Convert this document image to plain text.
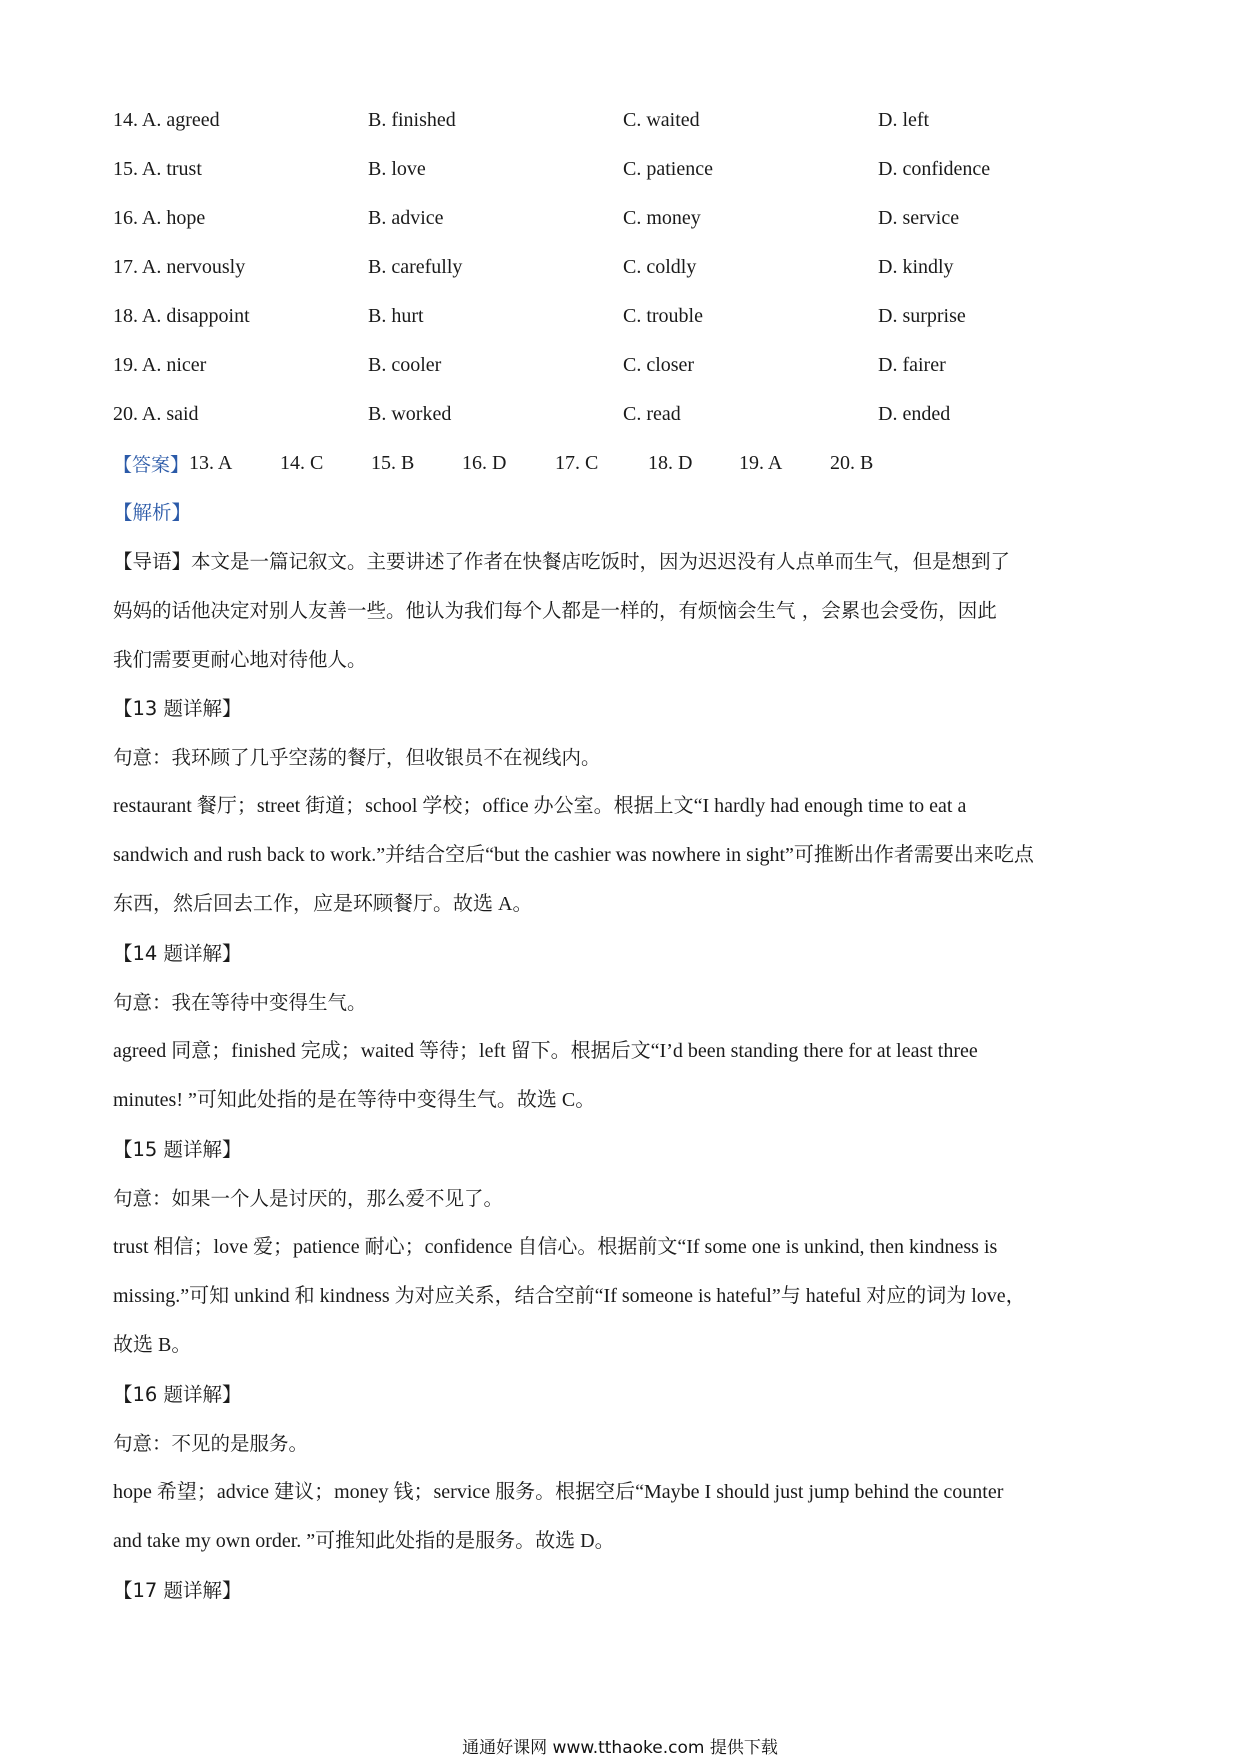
14. A. agreed	B. finished	C. waited	D. left
15. A. trust	B. love	C. patience	D. confidence
16. A. hope	B. advice	C. money	D. service
17. A. nervously	B. carefully	C. coldly	D. kindly
18. A. disappoint	B. hurt	C. trouble	D. surprise
19. A. nicer	B. cooler	C. closer	D. fairer
20. A. said	B. worked	C. read	D. ended
【答案】 13. A	14. C	15. B	16. D	17. C	18. D	19. A	20. B
【解析】
【导语】本文是一篇记叙文。主要讲述了作者在快餐店吃饭时，因为迟迟没有人点单而生气，但是想到了
妈妈的话他决定对别人友善一些。他认为我们每个人都是一样的，有烦恼会生气 ，会累也会受伤，因此
我们需要更耐心地对待他人。
【13 题详解】
句意：我环顾了几乎空荡的餐厅，但收银员不在视线内。
restaurant 餐厅；street 街道；school 学校；office 办公室。根据上文“I hardly had enough time to eat a
sandwich and rush back to work.”并结合空后“but the cashier was nowhere in sight”可推断出作者需要出来吃点
东西，然后回去工作，应是环顾餐厅。故选 A。
【14 题详解】
句意：我在等待中变得生气。
agreed 同意；finished 完成；waited 等待；left 留下。根据后文“I’d been standing there for at least three
minutes! ”可知此处指的是在等待中变得生气。故选 C。
【15 题详解】
句意：如果一个人是讨厌的，那么爱不见了。
trust 相信；love 爱；patience 耐心；confidence 自信心。根据前文“If some one is unkind, then kindness is
missing.”可知 unkind 和 kindness 为对应关系，结合空前“If someone is hateful”与 hateful 对应的词为 love，
故选 B。
【16 题详解】
句意：不见的是服务。
hope 希望；advice 建议；money 钱；service 服务。根据空后“Maybe I should just jump behind the counter
and take my own order. ”可推知此处指的是服务。故选 D。
【17 题详解】
通通好课网 www.tthaoke.com 提供下载
